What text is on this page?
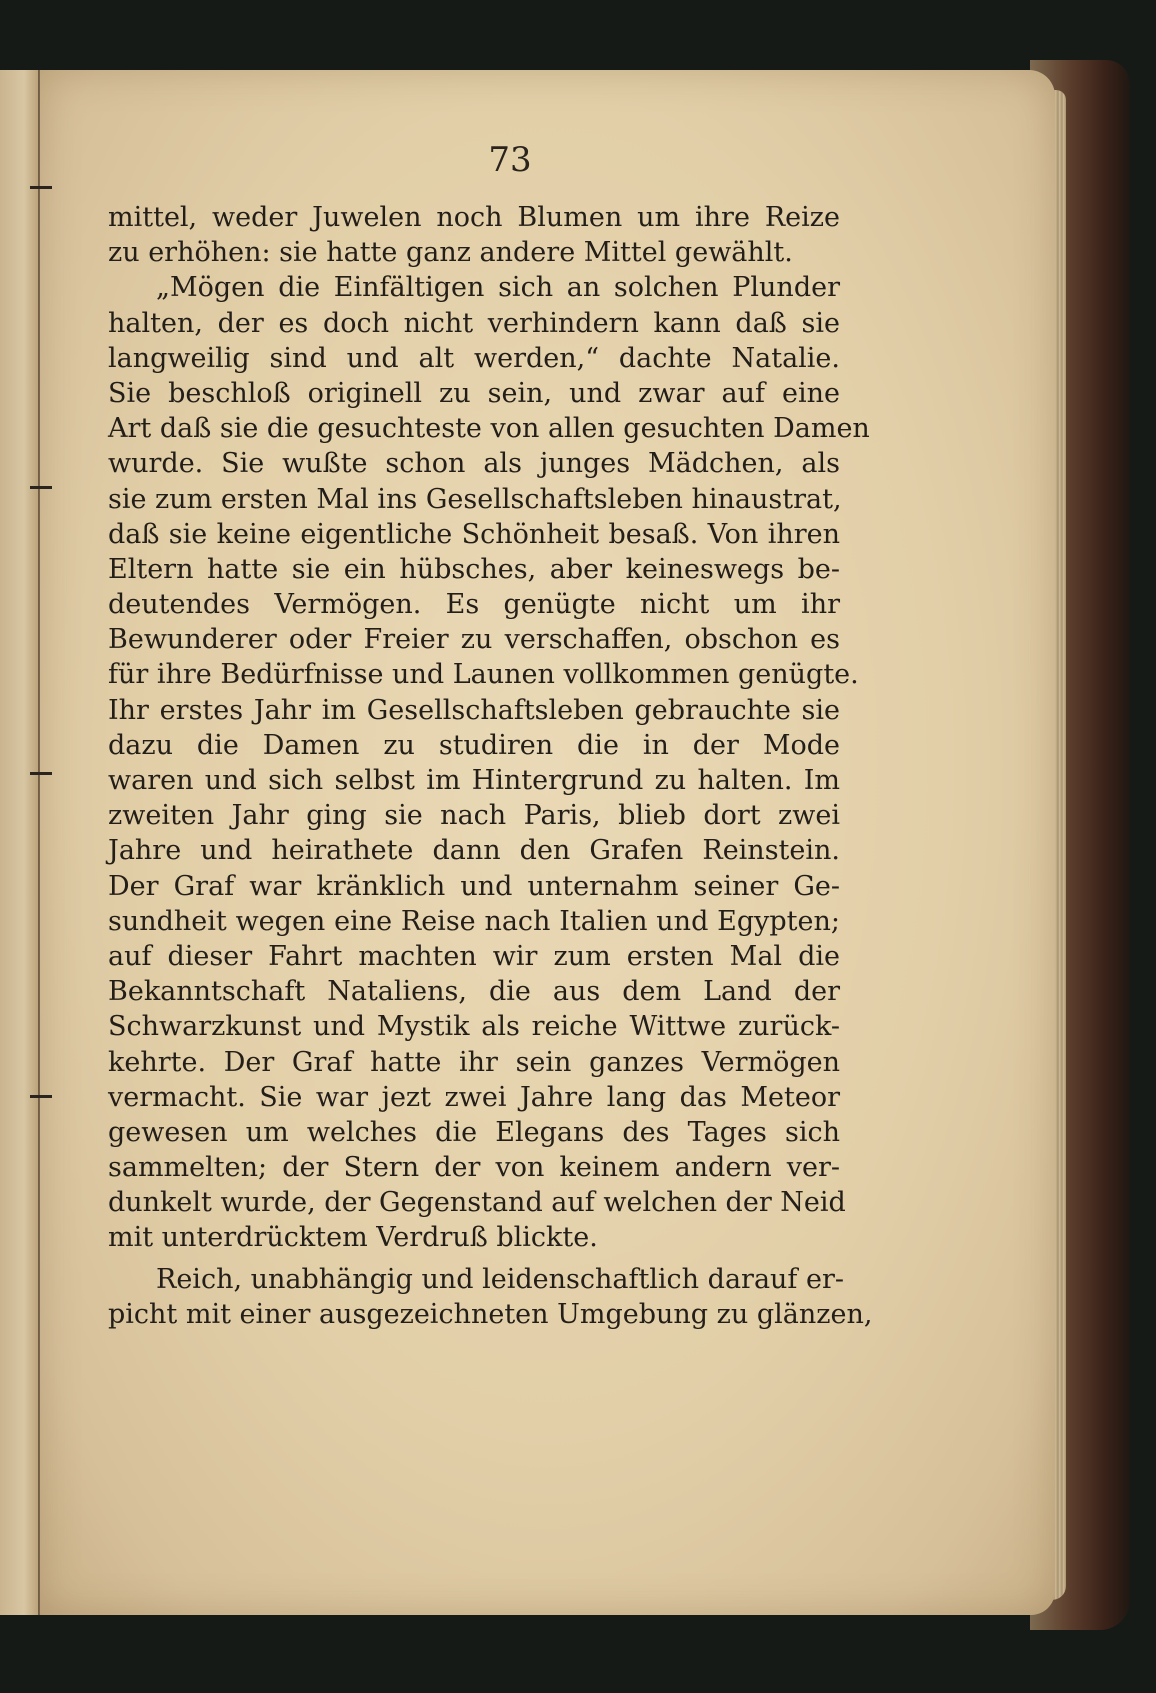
73
mittel, weder Juwelen noch Blumen um ihre Reize
zu erhöhen: sie hatte ganz andere Mittel gewählt.
„Mögen die Einfältigen sich an solchen Plunder
halten, der es doch nicht verhindern kann daß sie
langweilig sind und alt werden,“ dachte Natalie.
Sie beschloß originell zu sein, und zwar auf eine
Art daß sie die gesuchteste von allen gesuchten Damen
wurde. Sie wußte schon als junges Mädchen, als
sie zum ersten Mal ins Gesellschaftsleben hinaustrat,
daß sie keine eigentliche Schönheit besaß. Von ihren
Eltern hatte sie ein hübsches, aber keineswegs be-
deutendes Vermögen. Es genügte nicht um ihr
Bewunderer oder Freier zu verschaffen, obschon es
für ihre Bedürfnisse und Launen vollkommen genügte.
Ihr erstes Jahr im Gesellschaftsleben gebrauchte sie
dazu die Damen zu studiren die in der Mode
waren und sich selbst im Hintergrund zu halten. Im
zweiten Jahr ging sie nach Paris, blieb dort zwei
Jahre und heirathete dann den Grafen Reinstein.
Der Graf war kränklich und unternahm seiner Ge-
sundheit wegen eine Reise nach Italien und Egypten;
auf dieser Fahrt machten wir zum ersten Mal die
Bekanntschaft Nataliens, die aus dem Land der
Schwarzkunst und Mystik als reiche Wittwe zurück-
kehrte. Der Graf hatte ihr sein ganzes Vermögen
vermacht. Sie war jezt zwei Jahre lang das Meteor
gewesen um welches die Elegans des Tages sich
sammelten; der Stern der von keinem andern ver-
dunkelt wurde, der Gegenstand auf welchen der Neid
mit unterdrücktem Verdruß blickte.
Reich, unabhängig und leidenschaftlich darauf er-
picht mit einer ausgezeichneten Umgebung zu glänzen,
